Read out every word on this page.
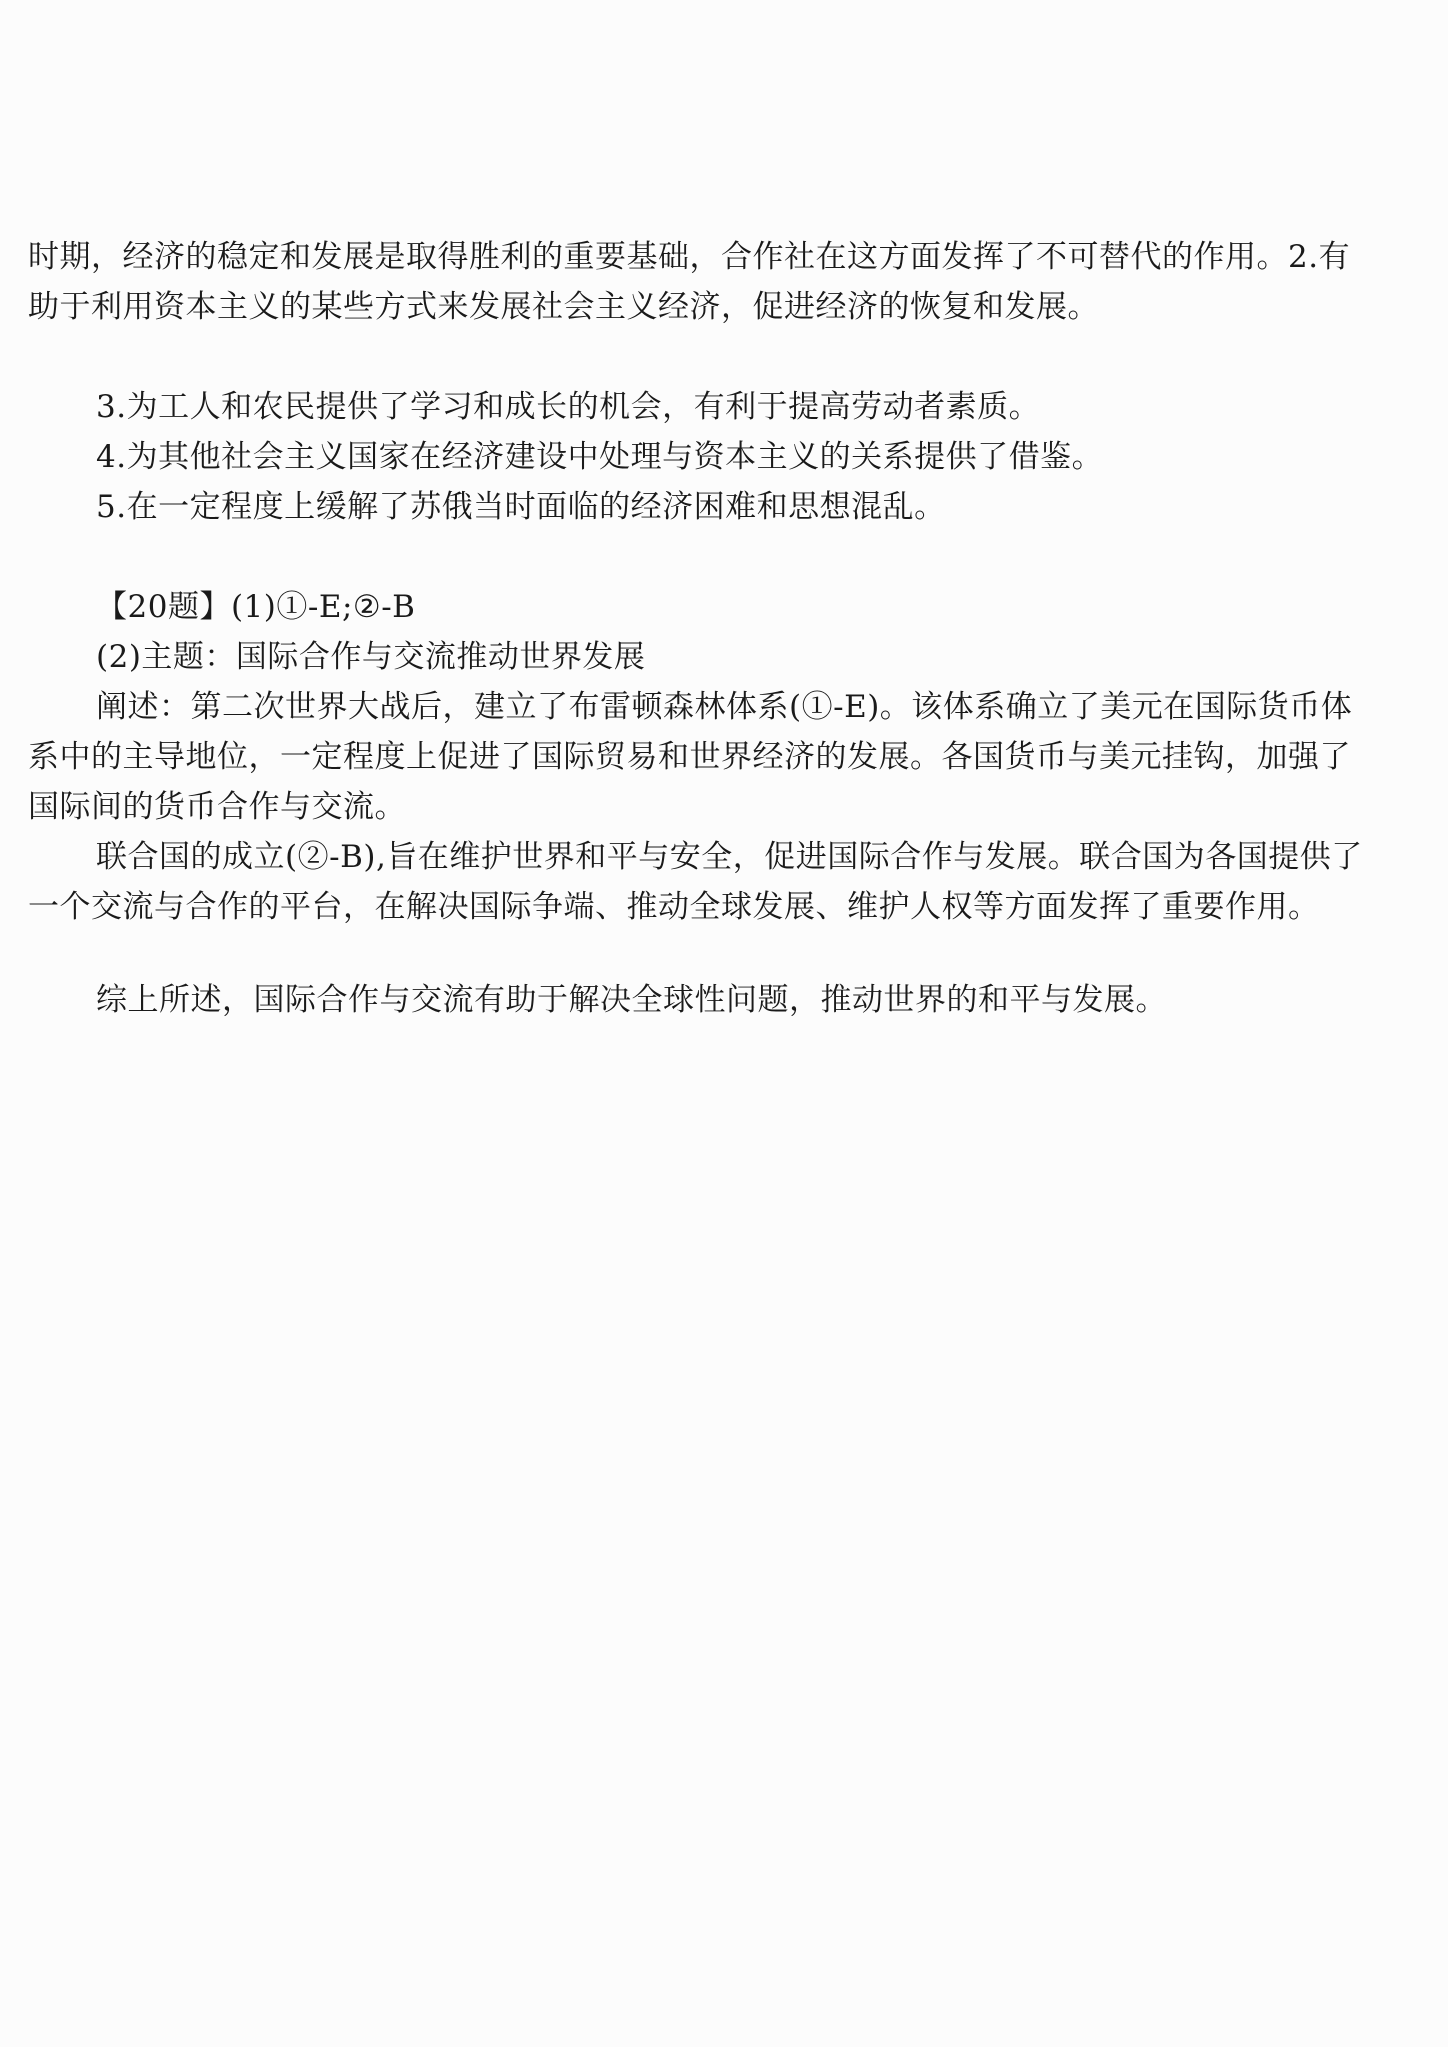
时期，经济的稳定和发展是取得胜利的重要基础，合作社在这方面发挥了不可替代的作用。2.有
助于利用资本主义的某些方式来发展社会主义经济，促进经济的恢复和发展。
3.为工人和农民提供了学习和成长的机会，有利于提高劳动者素质。
4.为其他社会主义国家在经济建设中处理与资本主义的关系提供了借鉴。
5.在一定程度上缓解了苏俄当时面临的经济困难和思想混乱。
【20题】(1)①-E;②-B
(2)主题：国际合作与交流推动世界发展
阐述：第二次世界大战后，建立了布雷顿森林体系(①-E)。该体系确立了美元在国际货币体
系中的主导地位，一定程度上促进了国际贸易和世界经济的发展。各国货币与美元挂钩，加强了
国际间的货币合作与交流。
联合国的成立(②-B),旨在维护世界和平与安全，促进国际合作与发展。联合国为各国提供了
一个交流与合作的平台，在解决国际争端、推动全球发展、维护人权等方面发挥了重要作用。
综上所述，国际合作与交流有助于解决全球性问题，推动世界的和平与发展。
